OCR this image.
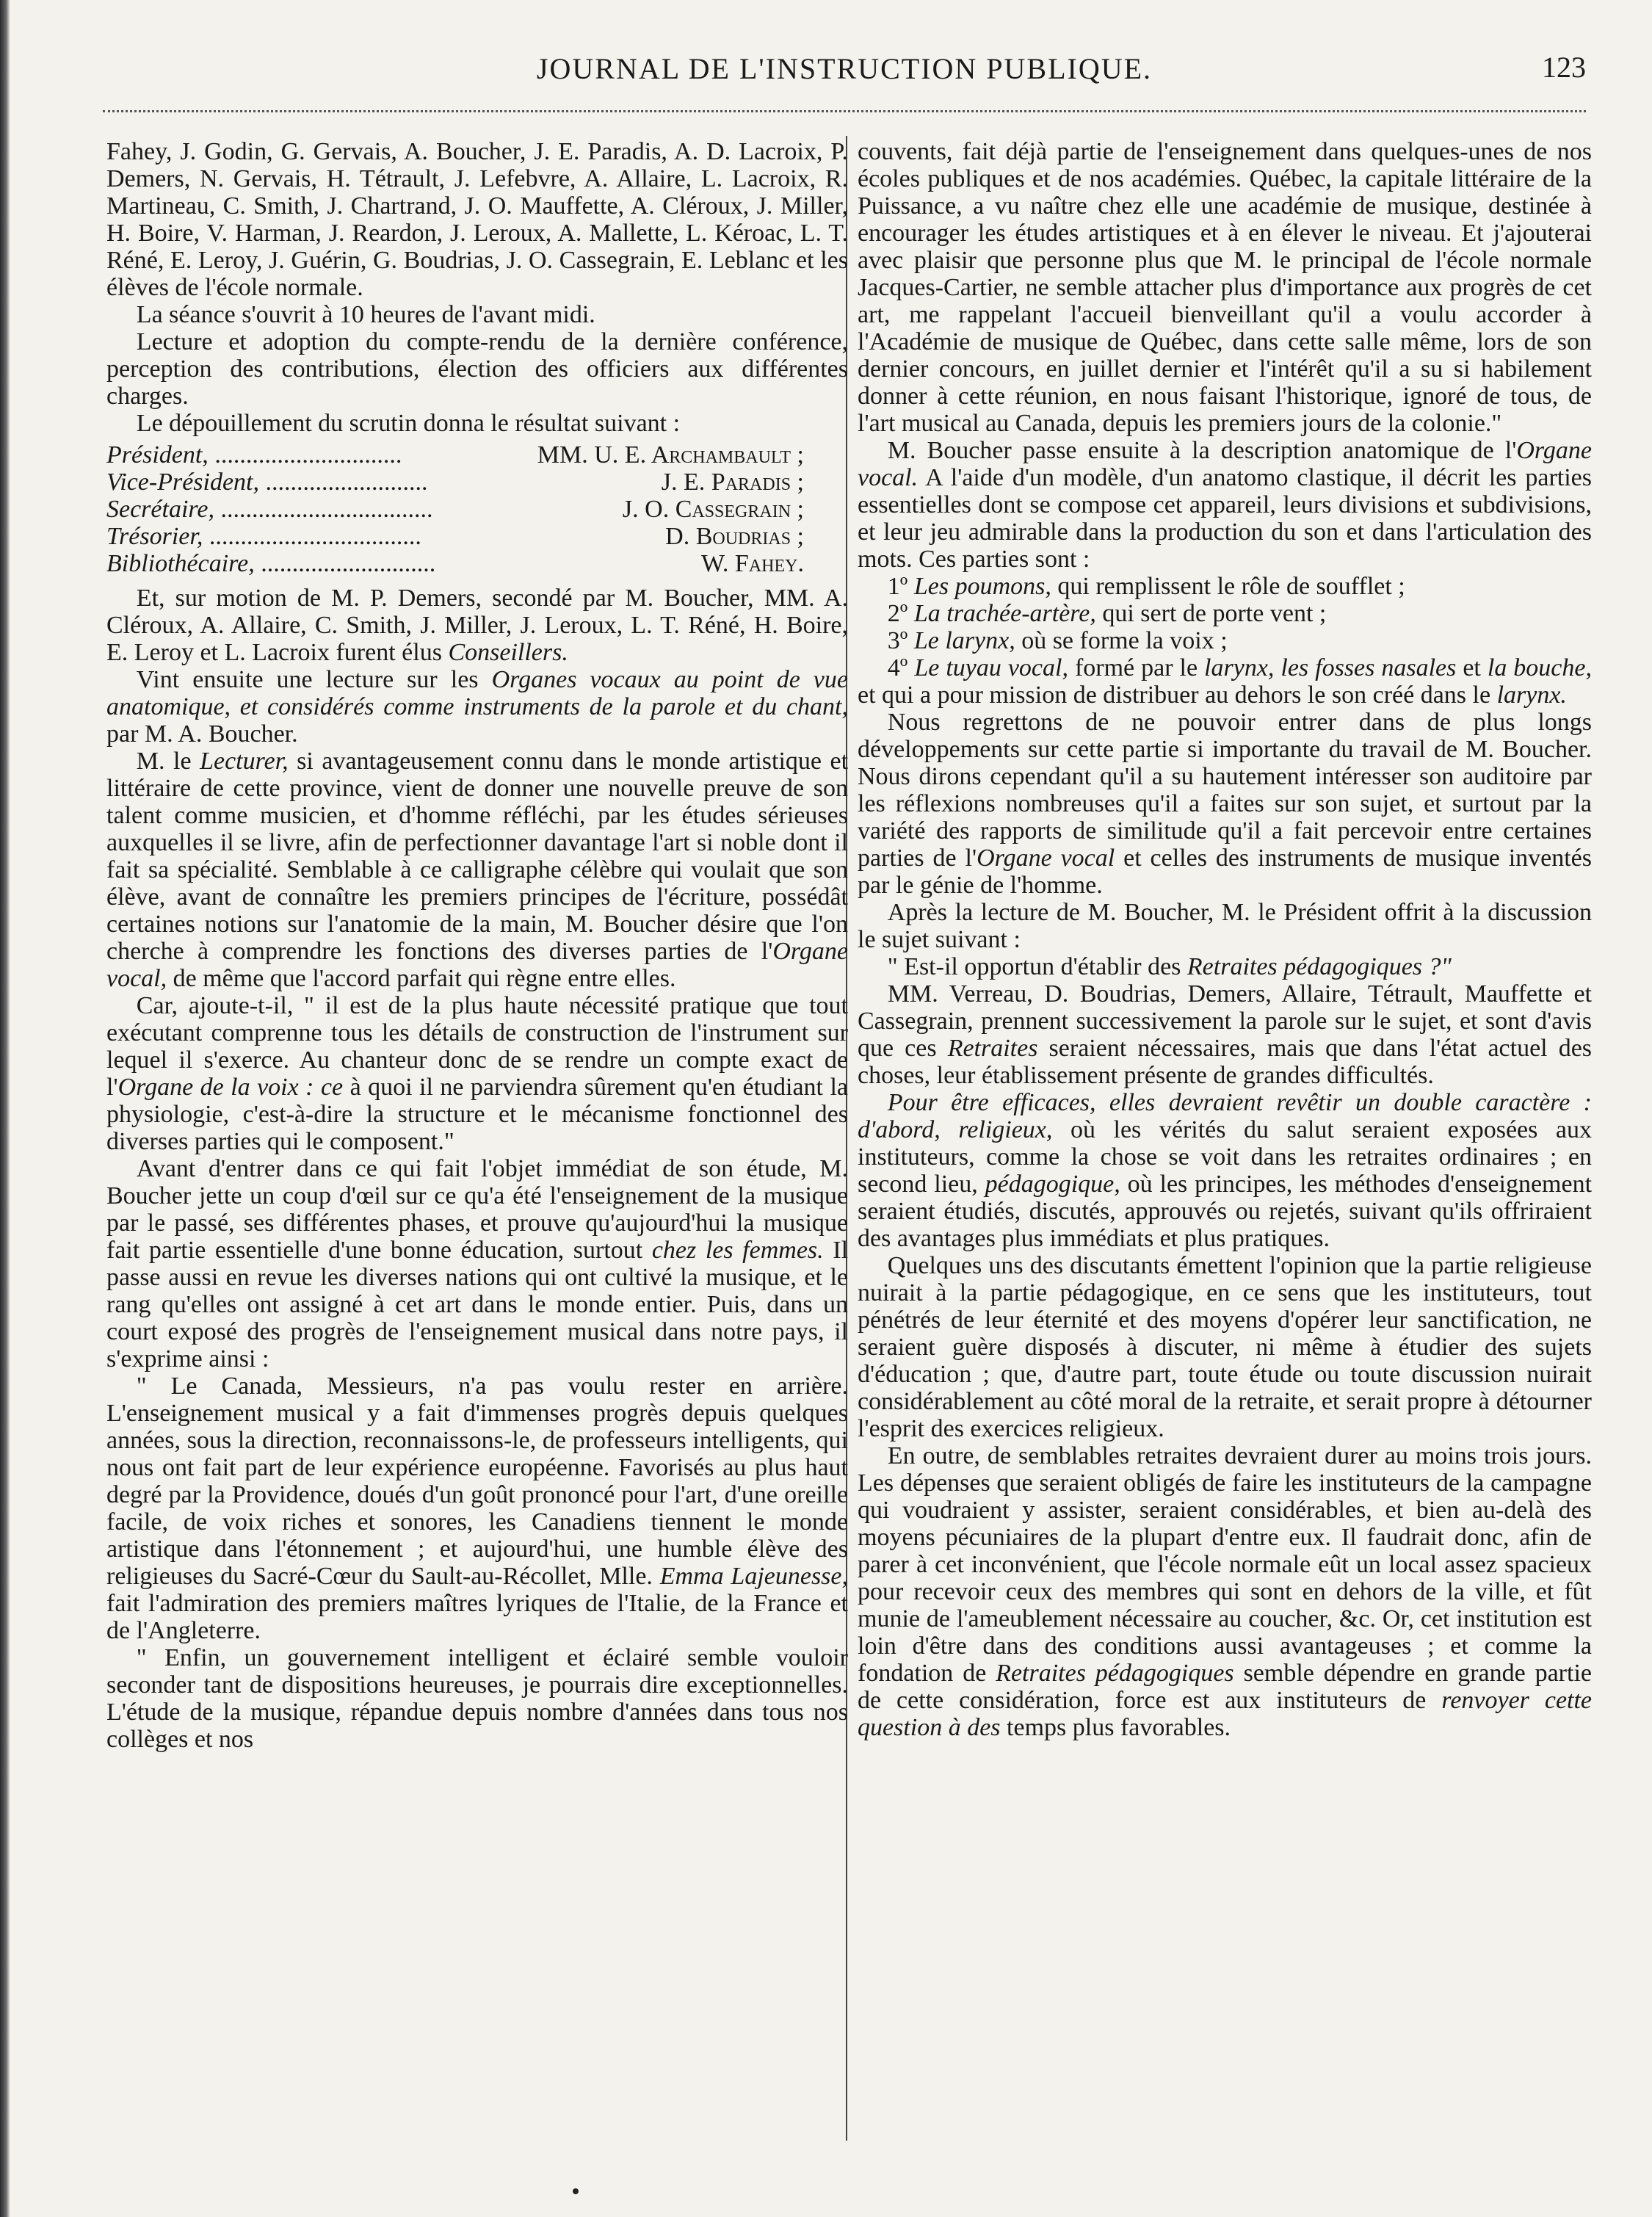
JOURNAL DE L'INSTRUCTION PUBLIQUE.	123

Fahey, J. Godin, G. Gervais, A. Boucher, J. E. Paradis, A. D. Lacroix, P. Demers, N. Gervais, H. Tétrault, J. Lefebvre, A. Allaire, L. Lacroix, R. Martineau, C. Smith, J. Chartrand, J. O. Mauffette, A. Cléroux, J. Miller, H. Boire, V. Harman, J. Reardon, J. Leroux, A. Mallette, L. Kéroac, L. T. Réné, E. Leroy, J. Guérin, G. Boudrias, J. O. Cassegrain, E. Leblanc et les élèves de l'école normale.

La séance s'ouvrit à 10 heures de l'avant midi.

Lecture et adoption du compte-rendu de la dernière conférence, perception des contributions, élection des officiers aux différentes charges.

Le dépouillement du scrutin donna le résultat suivant :

Président, ..............................	MM. U. E. Archambault ;
Vice-Président, ..........................	J. E. Paradis ;
Secrétaire, ..................................	J. O. Cassegrain ;
Trésorier, ..................................	D. Boudrias ;
Bibliothécaire, ............................	W. Fahey.

Et, sur motion de M. P. Demers, secondé par M. Boucher, MM. A. Cléroux, A. Allaire, C. Smith, J. Miller, J. Leroux, L. T. Réné, H. Boire, E. Leroy et L. Lacroix furent élus Conseillers.

Vint ensuite une lecture sur les Organes vocaux au point de vue anatomique, et considérés comme instruments de la parole et du chant, par M. A. Boucher.

M. le Lecturer, si avantageusement connu dans le monde artistique et littéraire de cette province, vient de donner une nouvelle preuve de son talent comme musicien, et d'homme réfléchi, par les études sérieuses auxquelles il se livre, afin de perfectionner davantage l'art si noble dont il fait sa spécialité. Semblable à ce calligraphe célèbre qui voulait que son élève, avant de connaître les premiers principes de l'écriture, possédât certaines notions sur l'anatomie de la main, M. Boucher désire que l'on cherche à comprendre les fonctions des diverses parties de l'Organe vocal, de même que l'accord parfait qui règne entre elles.

Car, ajoute-t-il, " il est de la plus haute nécessité pratique que tout exécutant comprenne tous les détails de construction de l'instrument sur lequel il s'exerce. Au chanteur donc de se rendre un compte exact de l'Organe de la voix : ce à quoi il ne parviendra sûrement qu'en étudiant la physiologie, c'est-à-dire la structure et le mécanisme fonctionnel des diverses parties qui le composent."

Avant d'entrer dans ce qui fait l'objet immédiat de son étude, M. Boucher jette un coup d'œil sur ce qu'a été l'enseignement de la musique par le passé, ses différentes phases, et prouve qu'aujourd'hui la musique fait partie essentielle d'une bonne éducation, surtout chez les femmes. Il passe aussi en revue les diverses nations qui ont cultivé la musique, et le rang qu'elles ont assigné à cet art dans le monde entier. Puis, dans un court exposé des progrès de l'enseignement musical dans notre pays, il s'exprime ainsi :

" Le Canada, Messieurs, n'a pas voulu rester en arrière. L'enseignement musical y a fait d'immenses progrès depuis quelques années, sous la direction, reconnaissons-le, de professeurs intelligents, qui nous ont fait part de leur expérience européenne. Favorisés au plus haut degré par la Providence, doués d'un goût prononcé pour l'art, d'une oreille facile, de voix riches et sonores, les Canadiens tiennent le monde artistique dans l'étonnement ; et aujourd'hui, une humble élève des religieuses du Sacré-Cœur du Sault-au-Récollet, Mlle. Emma Lajeunesse, fait l'admiration des premiers maîtres lyriques de l'Italie, de la France et de l'Angleterre.

" Enfin, un gouvernement intelligent et éclairé semble vouloir seconder tant de dispositions heureuses, je pourrais dire exceptionnelles. L'étude de la musique, répandue depuis nombre d'années dans tous nos collèges et nos

couvents, fait déjà partie de l'enseignement dans quelques-unes de nos écoles publiques et de nos académies. Québec, la capitale littéraire de la Puissance, a vu naître chez elle une académie de musique, destinée à encourager les études artistiques et à en élever le niveau. Et j'ajouterai avec plaisir que personne plus que M. le principal de l'école normale Jacques-Cartier, ne semble attacher plus d'importance aux progrès de cet art, me rappelant l'accueil bienveillant qu'il a voulu accorder à l'Académie de musique de Québec, dans cette salle même, lors de son dernier concours, en juillet dernier et l'intérêt qu'il a su si habilement donner à cette réunion, en nous faisant l'historique, ignoré de tous, de l'art musical au Canada, depuis les premiers jours de la colonie."

M. Boucher passe ensuite à la description anatomique de l'Organe vocal. A l'aide d'un modèle, d'un anatomo clastique, il décrit les parties essentielles dont se compose cet appareil, leurs divisions et subdivisions, et leur jeu admirable dans la production du son et dans l'articulation des mots. Ces parties sont :

1º Les poumons, qui remplissent le rôle de soufflet ;

2º La trachée-artère, qui sert de porte vent ;

3º Le larynx, où se forme la voix ;

4º Le tuyau vocal, formé par le larynx, les fosses nasales et la bouche, et qui a pour mission de distribuer au dehors le son créé dans le larynx.

Nous regrettons de ne pouvoir entrer dans de plus longs développements sur cette partie si importante du travail de M. Boucher. Nous dirons cependant qu'il a su hautement intéresser son auditoire par les réflexions nombreuses qu'il a faites sur son sujet, et surtout par la variété des rapports de similitude qu'il a fait percevoir entre certaines parties de l'Organe vocal et celles des instruments de musique inventés par le génie de l'homme.

Après la lecture de M. Boucher, M. le Président offrit à la discussion le sujet suivant :

" Est-il opportun d'établir des Retraites pédagogiques ?"

MM. Verreau, D. Boudrias, Demers, Allaire, Tétrault, Mauffette et Cassegrain, prennent successivement la parole sur le sujet, et sont d'avis que ces Retraites seraient nécessaires, mais que dans l'état actuel des choses, leur établissement présente de grandes difficultés.

Pour être efficaces, elles devraient revêtir un double caractère : d'abord, religieux, où les vérités du salut seraient exposées aux instituteurs, comme la chose se voit dans les retraites ordinaires ; en second lieu, pédagogique, où les principes, les méthodes d'enseignement seraient étudiés, discutés, approuvés ou rejetés, suivant qu'ils offriraient des avantages plus immédiats et plus pratiques.

Quelques uns des discutants émettent l'opinion que la partie religieuse nuirait à la partie pédagogique, en ce sens que les instituteurs, tout pénétrés de leur éternité et des moyens d'opérer leur sanctification, ne seraient guère disposés à discuter, ni même à étudier des sujets d'éducation ; que, d'autre part, toute étude ou toute discussion nuirait considérablement au côté moral de la retraite, et serait propre à détourner l'esprit des exercices religieux.

En outre, de semblables retraites devraient durer au moins trois jours. Les dépenses que seraient obligés de faire les instituteurs de la campagne qui voudraient y assister, seraient considérables, et bien au-delà des moyens pécuniaires de la plupart d'entre eux. Il faudrait donc, afin de parer à cet inconvénient, que l'école normale eût un local assez spacieux pour recevoir ceux des membres qui sont en dehors de la ville, et fût munie de l'ameublement nécessaire au coucher, &c. Or, cet institution est loin d'être dans des conditions aussi avantageuses ; et comme la fondation de Retraites pédagogiques semble dépendre en grande partie de cette considération, force est aux instituteurs de renvoyer cette question à des temps plus favorables.
